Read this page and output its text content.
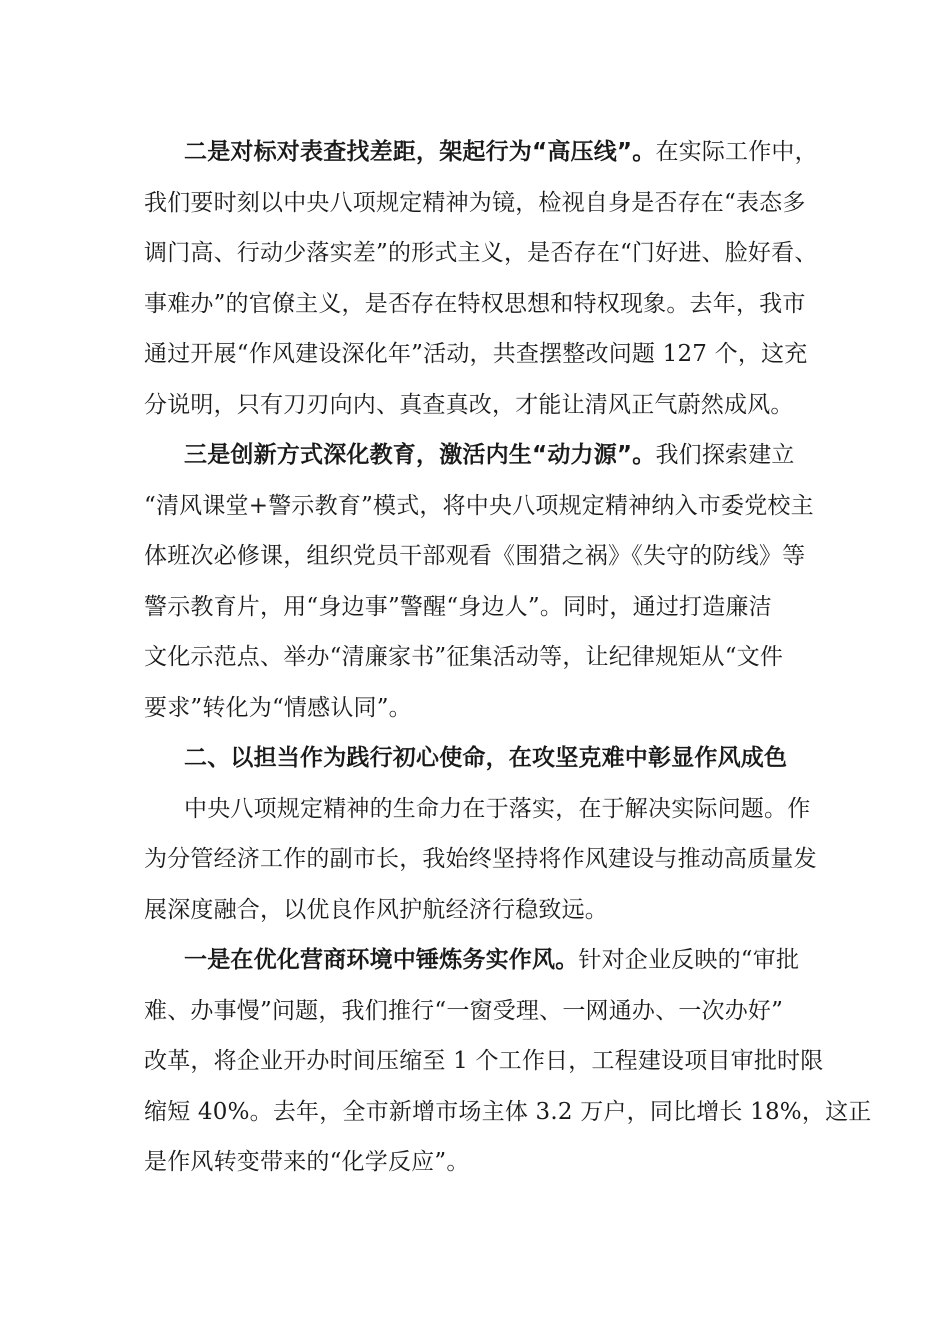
二是对标对表查找差距，架起行为“高压线”。在实际工作中，
我们要时刻以中央八项规定精神为镜，检视自身是否存在“表态多
调门高、行动少落实差”的形式主义，是否存在“门好进、脸好看、
事难办”的官僚主义，是否存在特权思想和特权现象。去年，我市
通过开展“作风建设深化年”活动，共查摆整改问题 127 个，这充
分说明，只有刀刃向内、真查真改，才能让清风正气蔚然成风。
三是创新方式深化教育，激活内生“动力源”。我们探索建立
“清风课堂+警示教育”模式，将中央八项规定精神纳入市委党校主
体班次必修课，组织党员干部观看《围猎之祸》《失守的防线》等
警示教育片，用“身边事”警醒“身边人”。同时，通过打造廉洁
文化示范点、举办“清廉家书”征集活动等，让纪律规矩从“文件
要求”转化为“情感认同”。
二、以担当作为践行初心使命，在攻坚克难中彰显作风成色
中央八项规定精神的生命力在于落实，在于解决实际问题。作
为分管经济工作的副市长，我始终坚持将作风建设与推动高质量发
展深度融合，以优良作风护航经济行稳致远。
一是在优化营商环境中锤炼务实作风。针对企业反映的“审批
难、办事慢”问题，我们推行“一窗受理、一网通办、一次办好”
改革，将企业开办时间压缩至 1 个工作日，工程建设项目审批时限
缩短 40%。去年，全市新增市场主体 3.2 万户，同比增长 18%，这正
是作风转变带来的“化学反应”。
